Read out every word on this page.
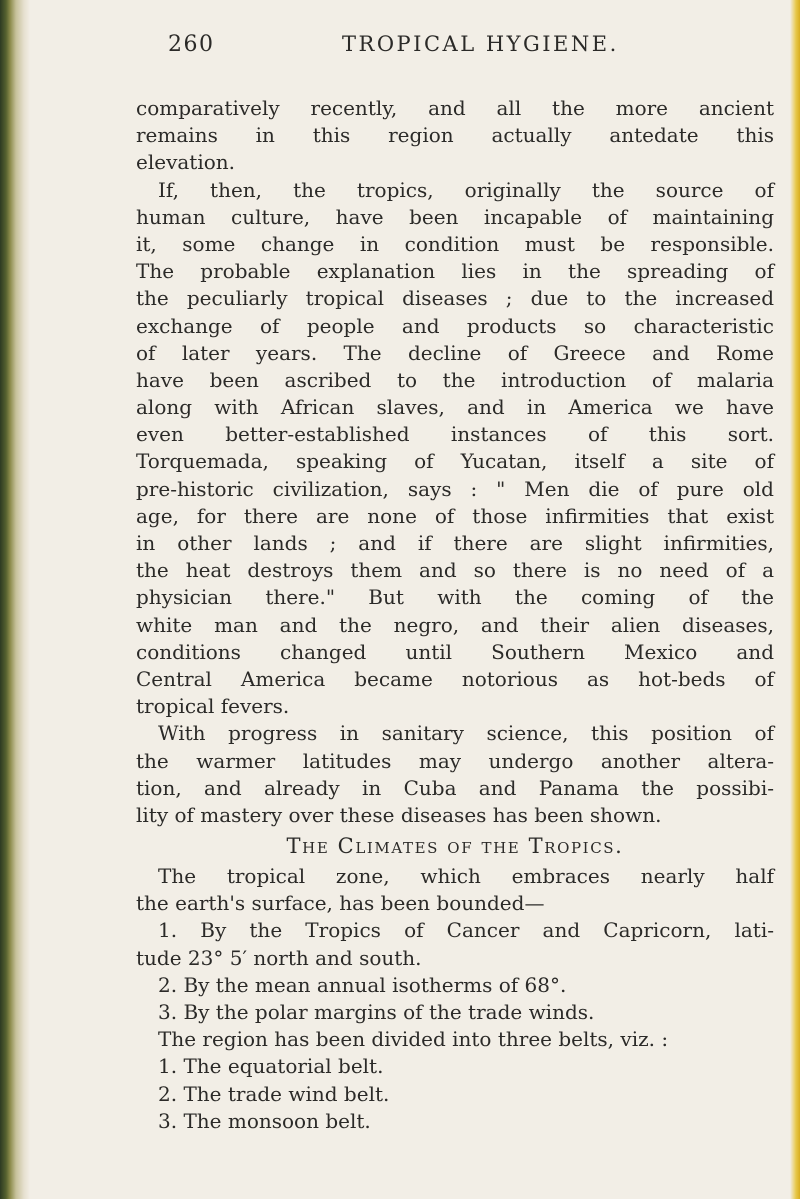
260	TROPICAL HYGIENE.
comparatively recently, and all the more ancient
remains in this region actually antedate this
elevation.
If, then, the tropics, originally the source of
human culture, have been incapable of maintaining
it, some change in condition must be responsible.
The probable explanation lies in the spreading of
the peculiarly tropical diseases ; due to the increased
exchange of people and products so characteristic
of later years. The decline of Greece and Rome
have been ascribed to the introduction of malaria
along with African slaves, and in America we have
even better-established instances of this sort.
Torquemada, speaking of Yucatan, itself a site of
pre-historic civilization, says : " Men die of pure old
age, for there are none of those infirmities that exist
in other lands ; and if there are slight infirmities,
the heat destroys them and so there is no need of a
physician there." But with the coming of the
white man and the negro, and their alien diseases,
conditions changed until Southern Mexico and
Central America became notorious as hot-beds of
tropical fevers.
With progress in sanitary science, this position of
the warmer latitudes may undergo another altera-
tion, and already in Cuba and Panama the possibi-
lity of mastery over these diseases has been shown.
The Climates of the Tropics.
The tropical zone, which embraces nearly half
the earth's surface, has been bounded—
1. By the Tropics of Cancer and Capricorn, lati-
tude 23° 5′ north and south.
2. By the mean annual isotherms of 68°.
3. By the polar margins of the trade winds.
The region has been divided into three belts, viz. :
1. The equatorial belt.
2. The trade wind belt.
3. The monsoon belt.
